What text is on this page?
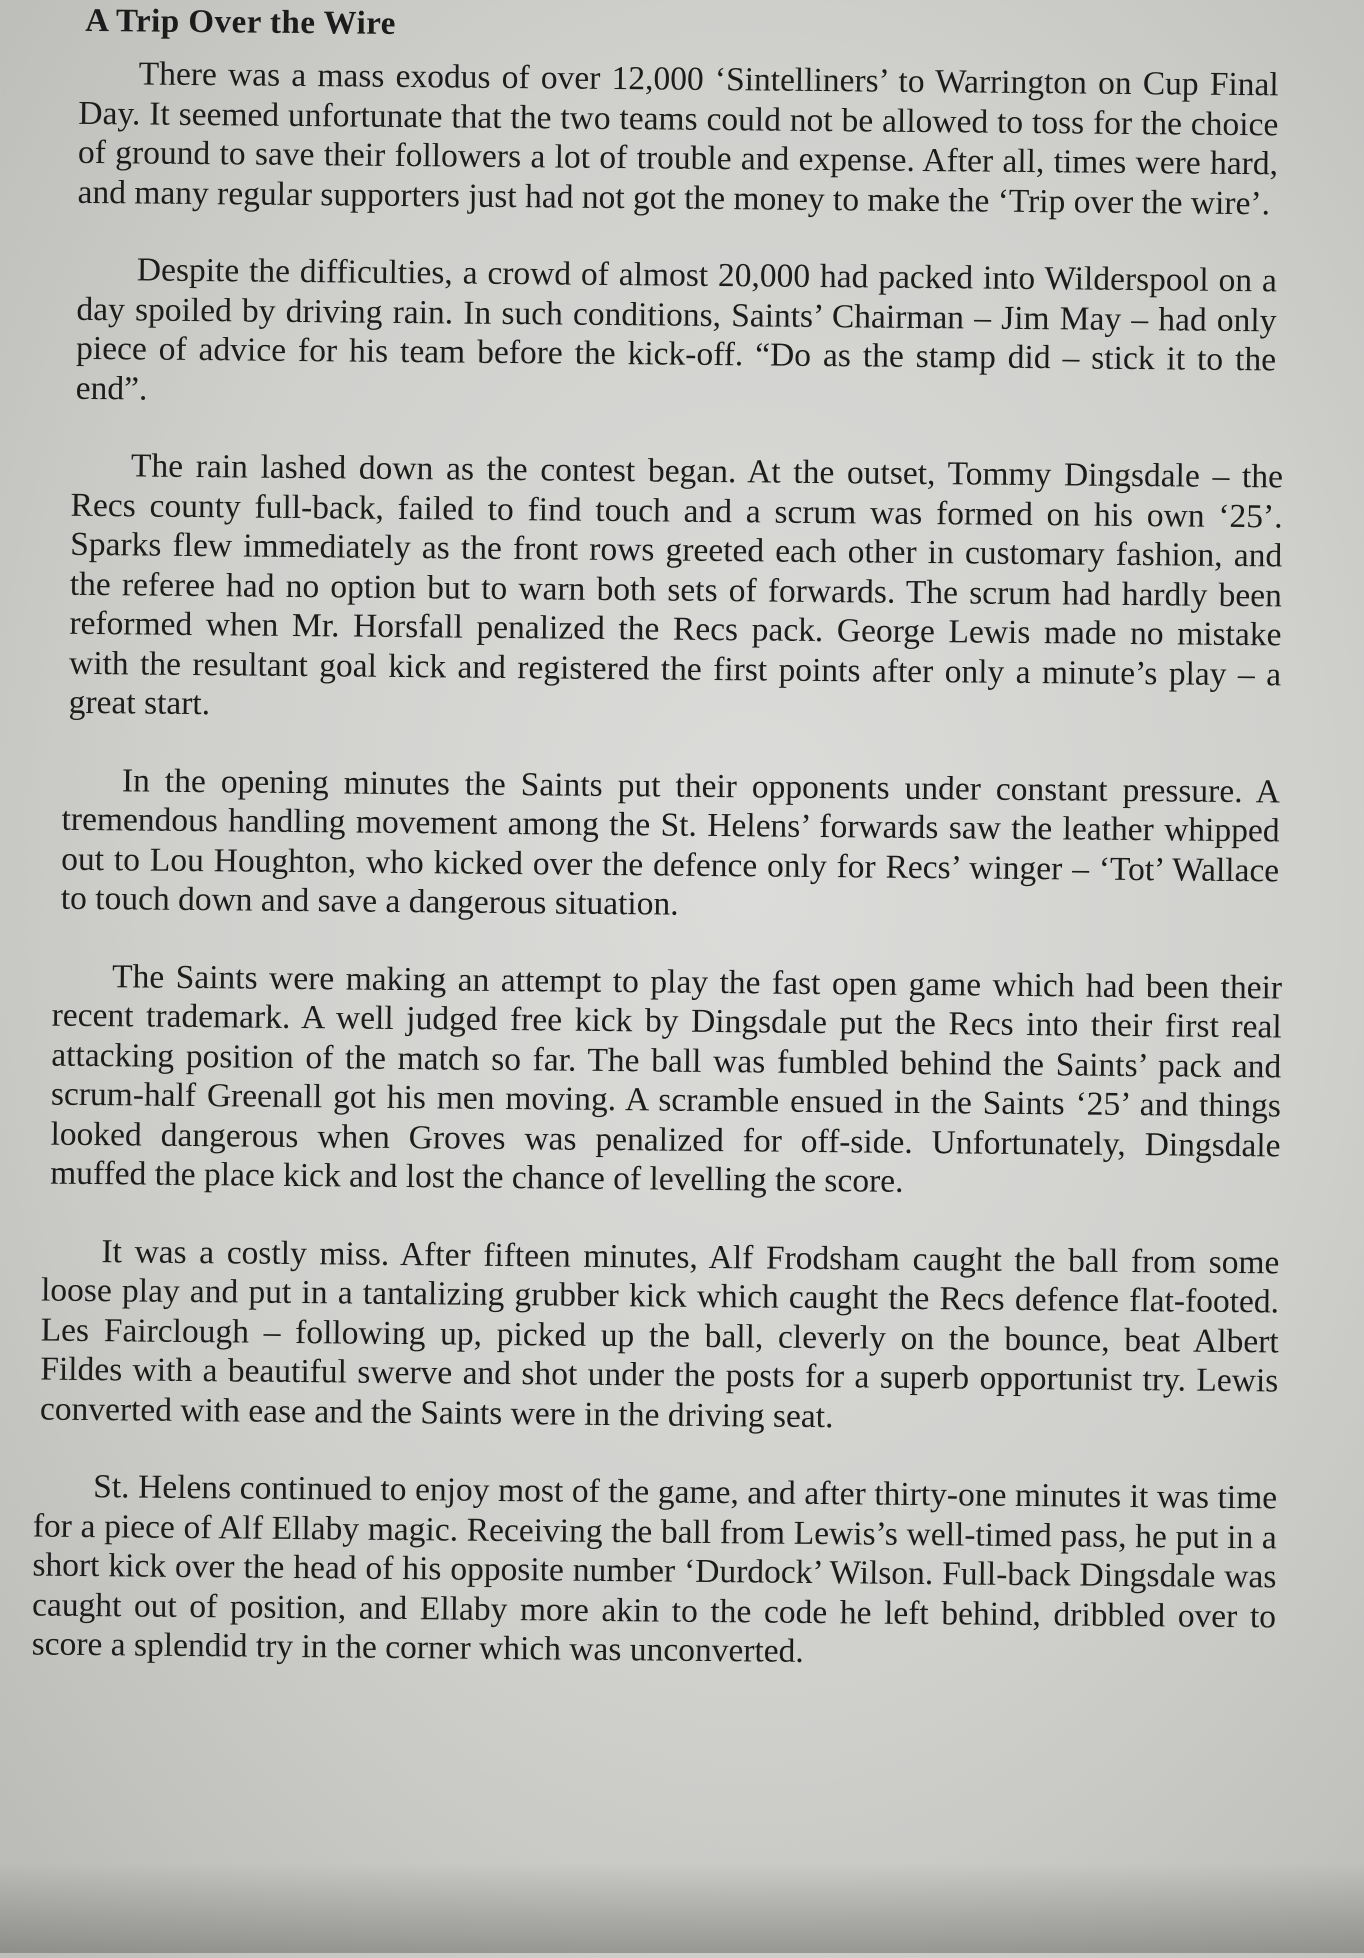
A Trip Over the Wire

There was a mass exodus of over 12,000 ‘Sintelliners’ to Warrington on Cup Final Day. It seemed unfortunate that the two teams could not be allowed to toss for the choice of ground to save their followers a lot of trouble and expense. After all, times were hard, and many regular supporters just had not got the money to make the ‘Trip over the wire’.

Despite the difficulties, a crowd of almost 20,000 had packed into Wilderspool on a day spoiled by driving rain. In such conditions, Saints’ Chairman – Jim May – had only piece of advice for his team before the kick-off. “Do as the stamp did – stick it to the end”.

The rain lashed down as the contest began. At the outset, Tommy Dingsdale – the Recs county full-back, failed to find touch and a scrum was formed on his own ‘25’. Sparks flew immediately as the front rows greeted each other in customary fashion, and the referee had no option but to warn both sets of forwards. The scrum had hardly been reformed when Mr. Horsfall penalized the Recs pack. George Lewis made no mistake with the resultant goal kick and registered the first points after only a minute’s play – a great start.

In the opening minutes the Saints put their opponents under constant pressure. A tremendous handling movement among the St. Helens’ forwards saw the leather whipped out to Lou Houghton, who kicked over the defence only for Recs’ winger – ‘Tot’ Wallace to touch down and save a dangerous situation.

The Saints were making an attempt to play the fast open game which had been their recent trademark. A well judged free kick by Dingsdale put the Recs into their first real attacking position of the match so far. The ball was fumbled behind the Saints’ pack and scrum-half Greenall got his men moving. A scramble ensued in the Saints ‘25’ and things looked dangerous when Groves was penalized for off-side. Unfortunately, Dingsdale muffed the place kick and lost the chance of levelling the score.

It was a costly miss. After fifteen minutes, Alf Frodsham caught the ball from some loose play and put in a tantalizing grubber kick which caught the Recs defence flat-footed. Les Fairclough – following up, picked up the ball, cleverly on the bounce, beat Albert Fildes with a beautiful swerve and shot under the posts for a superb opportunist try. Lewis converted with ease and the Saints were in the driving seat.

St. Helens continued to enjoy most of the game, and after thirty-one minutes it was time for a piece of Alf Ellaby magic. Receiving the ball from Lewis’s well-timed pass, he put in a short kick over the head of his opposite number ‘Durdock’ Wilson. Full-back Dingsdale was caught out of position, and Ellaby more akin to the code he left behind, dribbled over to score a splendid try in the corner which was unconverted.
